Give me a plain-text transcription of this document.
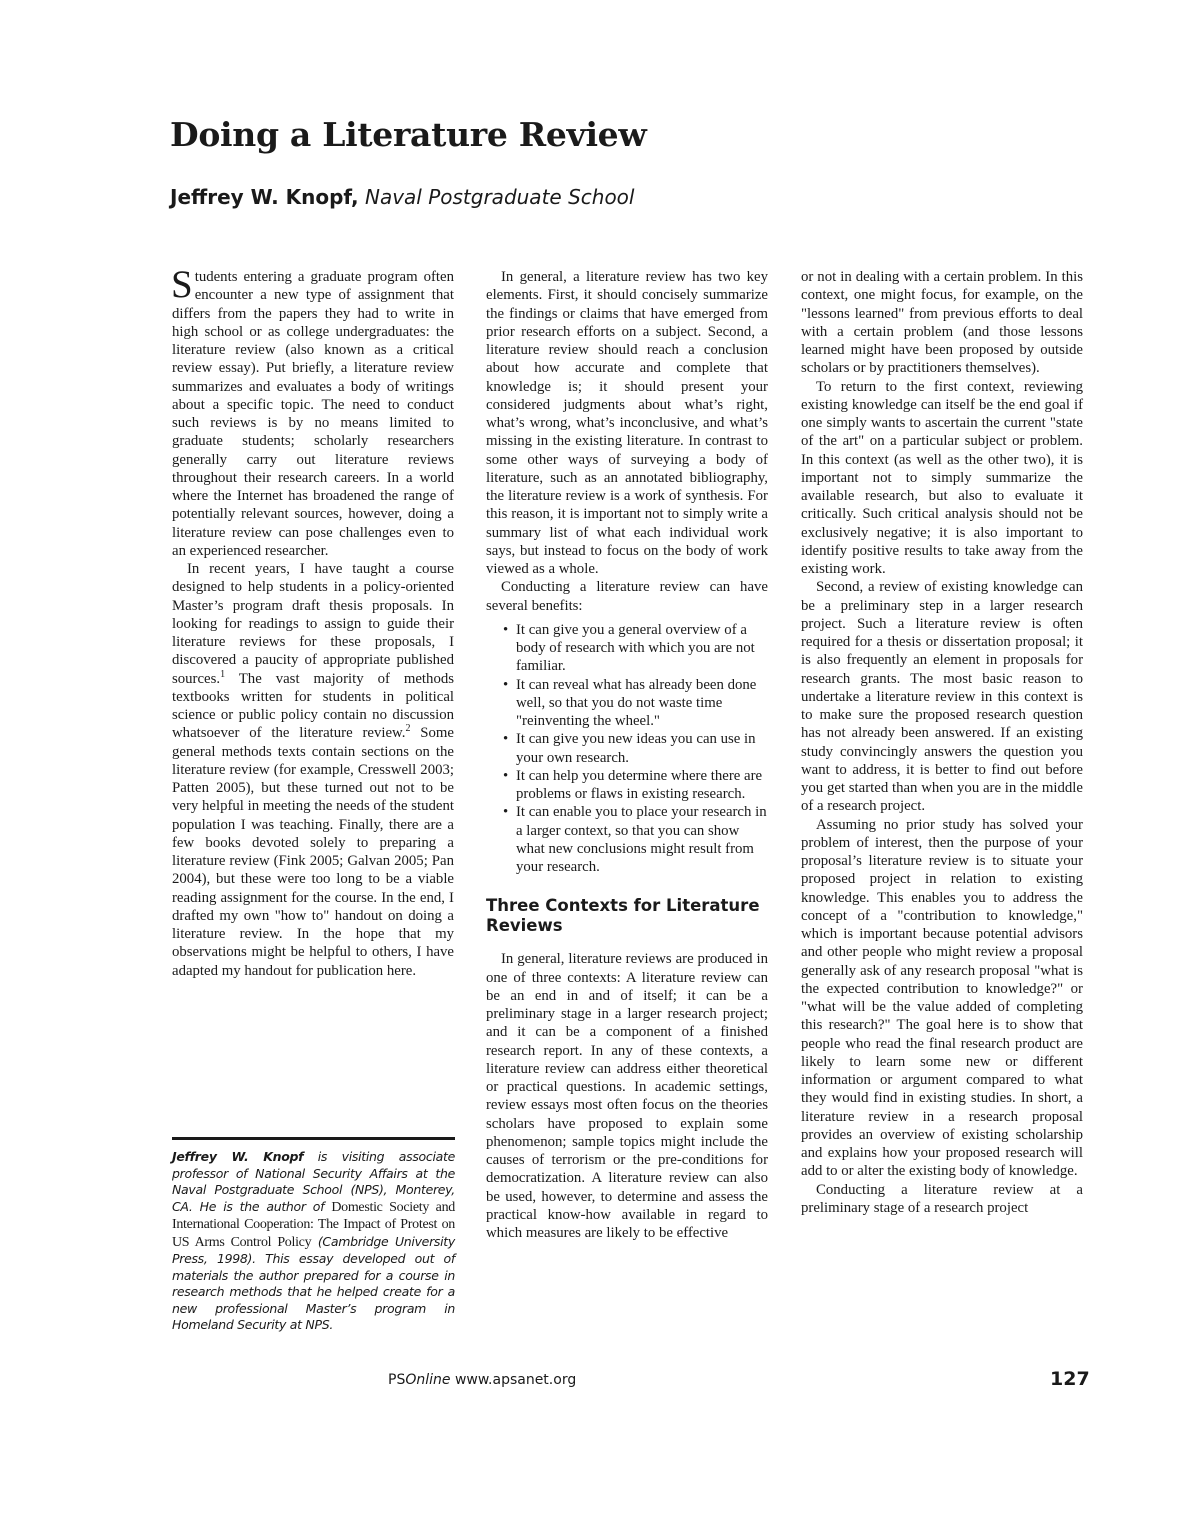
Doing a Literature Review
Jeffrey W. Knopf, Naval Postgraduate School

Students entering a graduate program often encounter a new type of assignment that differs from the papers they had to write in high school or as college undergraduates: the literature review (also known as a critical review essay). Put briefly, a literature review summarizes and evaluates a body of writings about a specific topic. The need to conduct such reviews is by no means limited to graduate students; scholarly researchers generally carry out literature reviews throughout their research careers. In a world where the Internet has broadened the range of potentially relevant sources, however, doing a literature review can pose challenges even to an experienced researcher.

In recent years, I have taught a course designed to help students in a policy-oriented Master’s program draft thesis proposals. In looking for readings to assign to guide their literature reviews for these proposals, I discovered a paucity of appropriate published sources.$^1$ The vast majority of methods textbooks written for students in political science or public policy contain no discussion whatsoever of the literature review.$^2$ Some general methods texts contain sections on the literature review (for example, Cresswell 2003; Patten 2005), but these turned out not to be very helpful in meeting the needs of the student population I was teaching. Finally, there are a few books devoted solely to preparing a literature review (Fink 2005; Galvan 2005; Pan 2004), but these were too long to be a viable reading assignment for the course. In the end, I drafted my own "how to" handout on doing a literature review. In the hope that my observations might be helpful to others, I have adapted my handout for publication here.

Jeffrey W. Knopf is visiting associate professor of National Security Affairs at the Naval Postgraduate School (NPS), Monterey, CA. He is the author of Domestic Society and International Cooperation: The Impact of Protest on US Arms Control Policy (Cambridge University Press, 1998). This essay developed out of materials the author prepared for a course in research methods that he helped create for a new professional Master’s program in Homeland Security at NPS.

In general, a literature review has two key elements. First, it should concisely summarize the findings or claims that have emerged from prior research efforts on a subject. Second, a literature review should reach a conclusion about how accurate and complete that knowledge is; it should present your considered judgments about what’s right, what’s wrong, what’s inconclusive, and what’s missing in the existing literature. In contrast to some other ways of surveying a body of literature, such as an annotated bibliography, the literature review is a work of synthesis. For this reason, it is important not to simply write a summary list of what each individual work says, but instead to focus on the body of work viewed as a whole.

Conducting a literature review can have several benefits:

• It can give you a general overview of a body of research with which you are not familiar.
• It can reveal what has already been done well, so that you do not waste time "reinventing the wheel."
• It can give you new ideas you can use in your own research.
• It can help you determine where there are problems or flaws in existing research.
• It can enable you to place your research in a larger context, so that you can show what new conclusions might result from your research.
Three Contexts for Literature Reviews

In general, literature reviews are produced in one of three contexts: A literature review can be an end in and of itself; it can be a preliminary stage in a larger research project; and it can be a component of a finished research report. In any of these contexts, a literature review can address either theoretical or practical questions. In academic settings, review essays most often focus on the theories scholars have proposed to explain some phenomenon; sample topics might include the causes of terrorism or the pre-conditions for democratization. A literature review can also be used, however, to determine and assess the practical know-how available in regard to which measures are likely to be effective

or not in dealing with a certain problem. In this context, one might focus, for example, on the "lessons learned" from previous efforts to deal with a certain problem (and those lessons learned might have been proposed by outside scholars or by practitioners themselves).

To return to the first context, reviewing existing knowledge can itself be the end goal if one simply wants to ascertain the current "state of the art" on a particular subject or problem. In this context (as well as the other two), it is important not to simply summarize the available research, but also to evaluate it critically. Such critical analysis should not be exclusively negative; it is also important to identify positive results to take away from the existing work.

Second, a review of existing knowledge can be a preliminary step in a larger research project. Such a literature review is often required for a thesis or dissertation proposal; it is also frequently an element in proposals for research grants. The most basic reason to undertake a literature review in this context is to make sure the proposed research question has not already been answered. If an existing study convincingly answers the question you want to address, it is better to find out before you get started than when you are in the middle of a research project.

Assuming no prior study has solved your problem of interest, then the purpose of your proposal’s literature review is to situate your proposed project in relation to existing knowledge. This enables you to address the concept of a "contribution to knowledge," which is important because potential advisors and other people who might review a proposal generally ask of any research proposal "what is the expected contribution to knowledge?" or "what will be the value added of completing this research?" The goal here is to show that people who read the final research product are likely to learn some new or different information or argument compared to what they would find in existing studies. In short, a literature review in a research proposal provides an overview of existing scholarship and explains how your proposed research will add to or alter the existing body of knowledge.

Conducting a literature review at a preliminary stage of a research project

PSOnline www.apsanet.org	127
